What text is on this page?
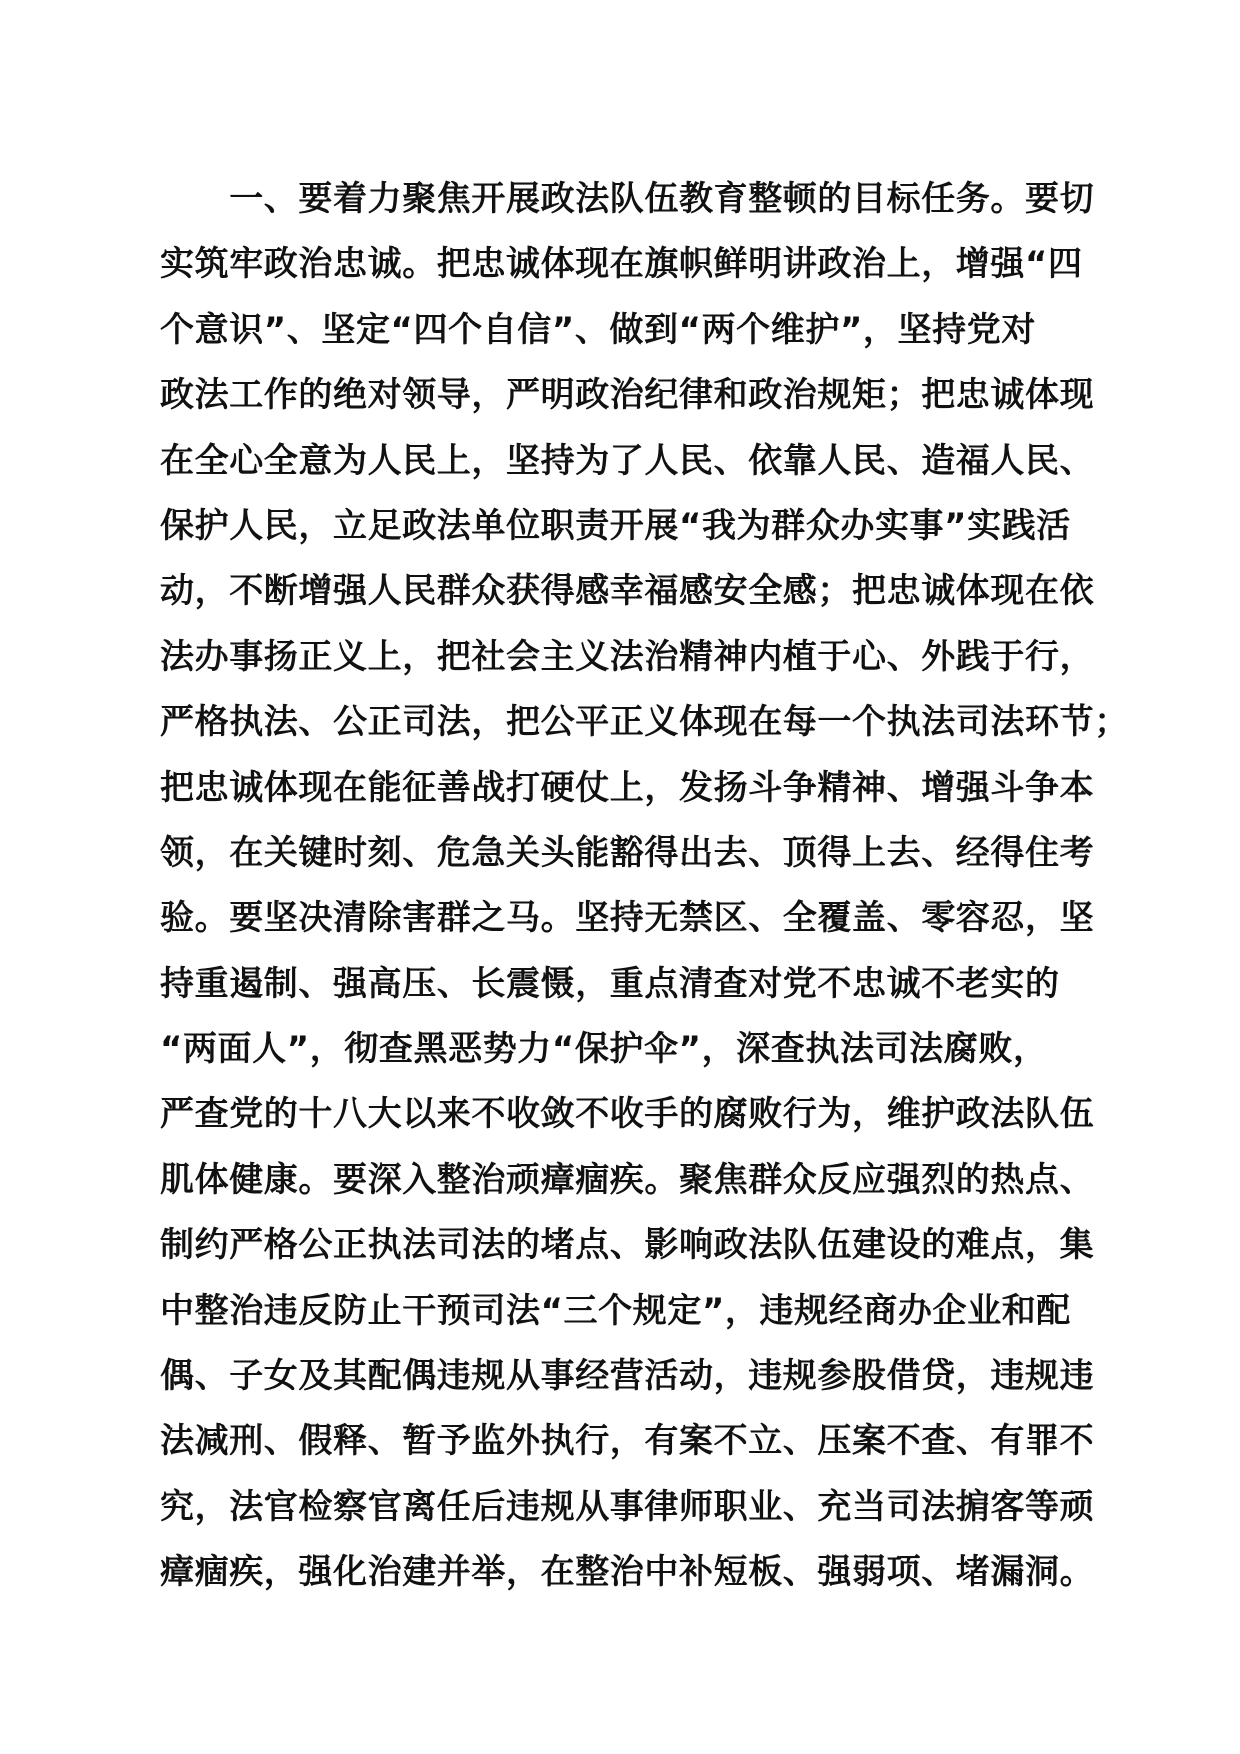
　　一、要着力聚焦开展政法队伍教育整顿的目标任务。要切
实筑牢政治忠诚。把忠诚体现在旗帜鲜明讲政治上，增强“四
个意识”、坚定“四个自信”、做到“两个维护”，坚持党对
政法工作的绝对领导，严明政治纪律和政治规矩；把忠诚体现
在全心全意为人民上，坚持为了人民、依靠人民、造福人民、
保护人民，立足政法单位职责开展“我为群众办实事”实践活
动，不断增强人民群众获得感幸福感安全感；把忠诚体现在依
法办事扬正义上，把社会主义法治精神内植于心、外践于行，
严格执法、公正司法，把公平正义体现在每一个执法司法环节；
把忠诚体现在能征善战打硬仗上，发扬斗争精神、增强斗争本
领，在关键时刻、危急关头能豁得出去、顶得上去、经得住考
验。要坚决清除害群之马。坚持无禁区、全覆盖、零容忍，坚
持重遏制、强高压、长震慑，重点清查对党不忠诚不老实的
“两面人”，彻查黑恶势力“保护伞”，深查执法司法腐败，
严查党的十八大以来不收敛不收手的腐败行为，维护政法队伍
肌体健康。要深入整治顽瘴痼疾。聚焦群众反应强烈的热点、
制约严格公正执法司法的堵点、影响政法队伍建设的难点，集
中整治违反防止干预司法“三个规定”，违规经商办企业和配
偶、子女及其配偶违规从事经营活动，违规参股借贷，违规违
法减刑、假释、暂予监外执行，有案不立、压案不查、有罪不
究，法官检察官离任后违规从事律师职业、充当司法掮客等顽
瘴痼疾，强化治建并举，在整治中补短板、强弱项、堵漏洞。
